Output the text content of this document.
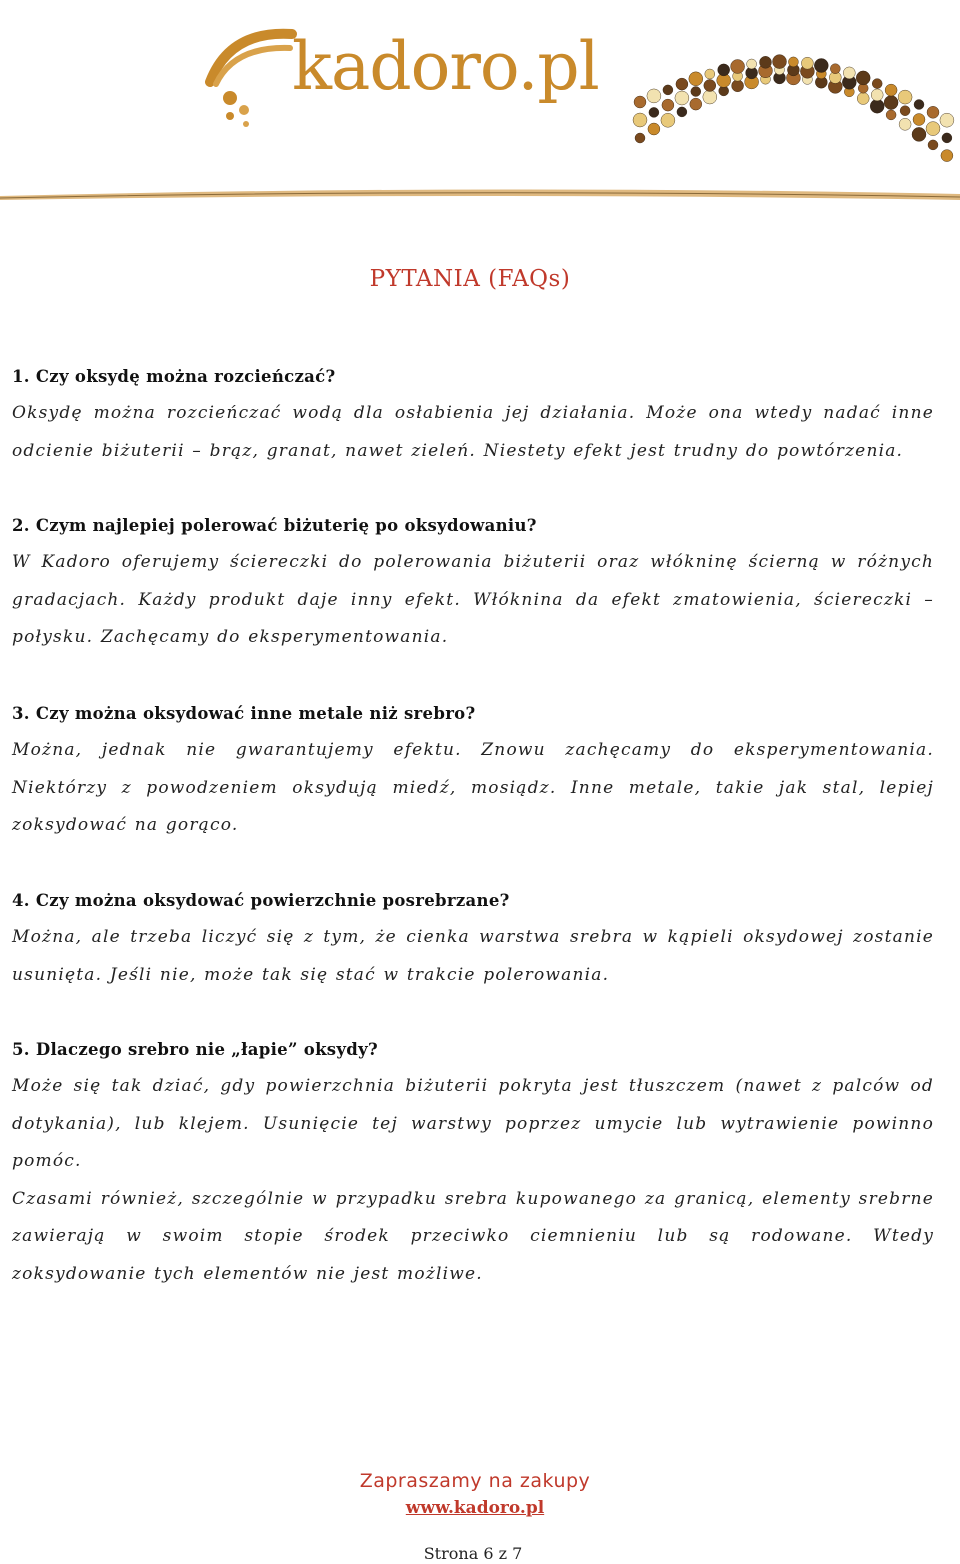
kadoro.pl
PYTANIA (FAQs)
1. Czy oksydę można rozcieńczać?
Oksydę można rozcieńczać wodą dla osłabienia jej działania. Może ona wtedy nadać inne odcienie biżuterii – brąz, granat, nawet zieleń. Niestety efekt jest trudny do powtórzenia.
2. Czym najlepiej polerować biżuterię po oksydowaniu?
W Kadoro oferujemy ściereczki do polerowania biżuterii oraz włókninę ścierną w różnych gradacjach. Każdy produkt daje inny efekt. Włóknina da efekt zmatowienia, ściereczki – połysku. Zachęcamy do eksperymentowania.
3. Czy można oksydować inne metale niż srebro?
Można, jednak nie gwarantujemy efektu. Znowu zachęcamy do eksperymentowania. Niektórzy z powodzeniem oksydują miedź, mosiądz. Inne metale, takie jak stal, lepiej zoksydować na gorąco.
4. Czy można oksydować powierzchnie posrebrzane?
Można, ale trzeba liczyć się z tym, że cienka warstwa srebra w kąpieli oksydowej zostanie usunięta. Jeśli nie, może tak się stać w trakcie polerowania.
5. Dlaczego srebro nie „łapie” oksydy?
Może się tak dziać, gdy powierzchnia biżuterii pokryta jest tłuszczem (nawet z palców od dotykania), lub klejem. Usunięcie tej warstwy poprzez umycie lub wytrawienie powinno pomóc.
Czasami również, szczególnie w przypadku srebra kupowanego za granicą, elementy srebrne zawierają w swoim stopie środek przeciwko ciemnieniu lub są rodowane. Wtedy zoksydowanie tych elementów nie jest możliwe.
Zapraszamy na zakupy
www.kadoro.pl
Strona 6 z 7
